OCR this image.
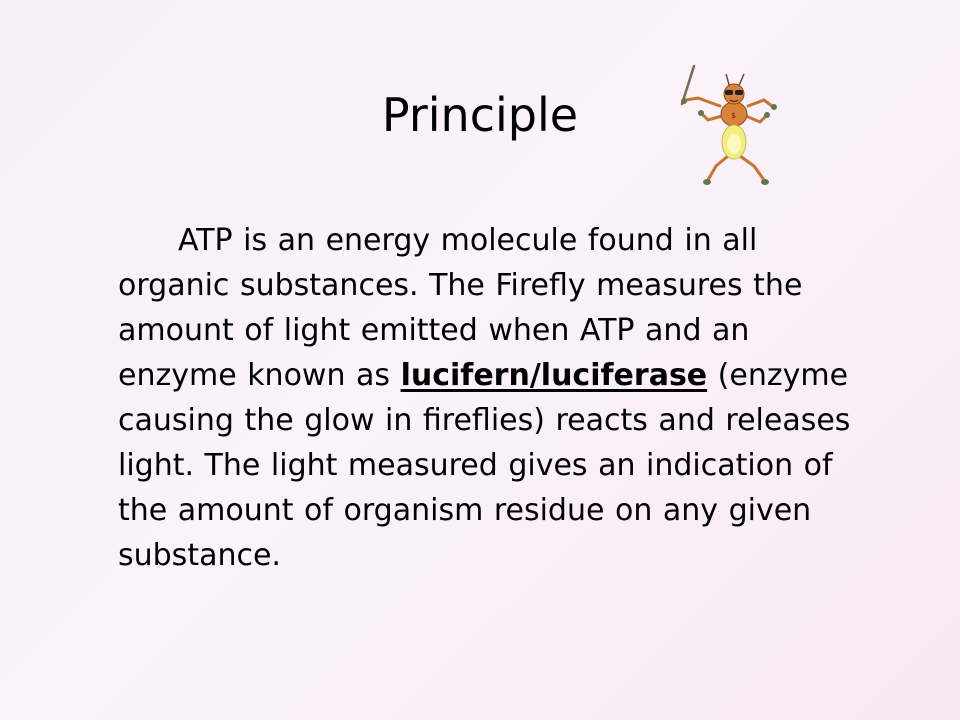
Principle	$

ATP is an energy molecule found in all organic substances. The Firefly measures the amount of light emitted when ATP and an enzyme known as lucifern/luciferase (enzyme causing the glow in fireflies) reacts and releases light. The light measured gives an indication of the amount of organism residue on any given substance.
